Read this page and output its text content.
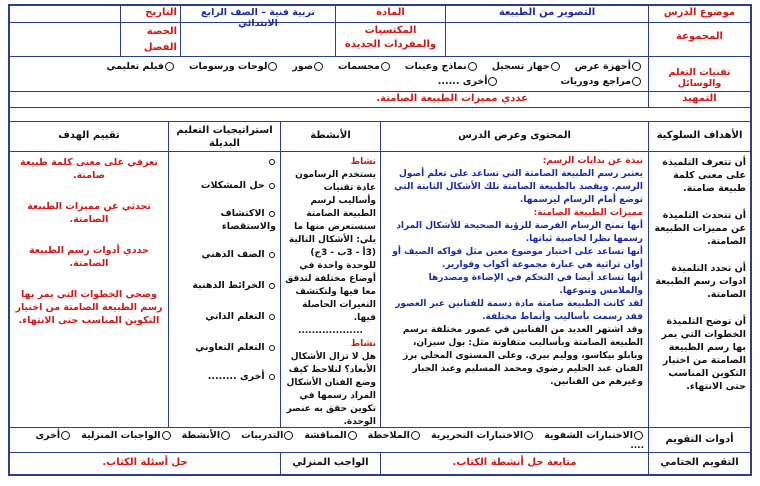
موضوع الدرس
التصوير من الطبيعة
المادة
تربية فنية – الصف الرابع الابتدائي
التاريخ
المجموعة
المكتسبات والمفردات الجديدة
الحصة
الفصل
تقنيات التعلم والوسائل
أجهزة عرض
جهاز تسجيل
نماذج وعينات
مجسمات
صور
لوحات ورسومات
فيلم تعليمي
مراجع ودوريات
أخرى ......
التمهيد
عددي مميزات الطبيعة الصامتة.
الأهداف السلوكية
المحتوى وعرض الدرس
الأنشطة
استراتيجيات التعليم البديلة
تقييم الهدف

أن تتعرف التلميذة على معنى كلمة طبيعة صامتة.

أن تتحدث التلميذة عن مميزات الطبيعة الصامتة.

أن تحدد التلميذة ادوات رسم الطبيعة الصامتة.

أن توضح التلميذة الخطوات التي يمر بها رسم الطبيعة الصامتة من اختيار التكوين المناسب حتى الانتهاء.

نبذة عن بدايات الرسم:

يعتبر رسم الطبيعة الصامتة التي تساعد على تعلم أصول الرسم. ويقصد بالطبيعة الصامتة تلك الأشكال الثابتة التي توضع أمام الرسام ليرسمها.

مميزات الطبيعة الصامتة:

أنها تمنح الرسام الفرصة للرؤية الصحيحة للأشكال المراد رسمها نظرا لخاصية ثباتها.

أنها تساعد على اختيار موضوع معين مثل فواكه الصيف أو أوان تراثية هي عبارة مجموعة أكواب وقوارير.

أنها تساعد أيضا في التحكم في الإضاءة ومصدرها والملامس وتنوعها.

لقد كانت الطبيعة صامتة مادة دسمة للفنانين عبر العصور فقد رسمت بأساليب وأنماط مختلفة.

وقد اشتهر العديد من الفنانين في عصور مختلفة برسم الطبيعة الصامتة وبأساليب متفاوتة مثل: بول سيزان، وبابلو بيكاسو، ووليم بيري. وعلى المستوى المحلي برز الفنان عبد الحليم رضوي ومحمد المسليم وعبد الجبار وغيرهم من الفنانين.

نشاط

يستخدم الرسامون عادة تقنيات وأساليب لرسم الطبيعة الصامتة سنستعرض منها ما يلي: الأشكال التالية (3أ - 3ب - 3ج) للوحدة واحدة في أوضاع مختلفة لتدقق معا فيها ولتكتشف التغيرات الحاصلة فيها.

...................

نشاط

هل لا تزال الأشكال الأبعاد؟ لنلاحظ كيف وضع الفنان الأشكال المراد رسمها في تكوين حقق به عنصر الوحدة.

حل المشكلات
الاكتشاف والاستقصاء
الصف الذهني
الخرائط الذهنية
التعلم الذاتي
التعلم التعاوني
أخرى ........

تعرفي على معنى كلمة طبيعة صامتة.

تحدثي عن مميزات الطبيعة الصامتة.

حددي أدوات رسم الطبيعة الصامتة.

وضحي الخطوات التي يمر بها رسم الطبيعة الصامتة من اختيار التكوين المناسب حتى الانتهاء.

أدوات التقويم
الاختبارات الشفوية
الاختبارات التحريرية
الملاحظة
المناقشة
التدريبات
الأنشطة
الواجبات المنزلية
أخرى
....
التقويم الختامي
متابعة حل أنشطة الكتاب.
الواجب المنزلي
حل أسئلة الكتاب.
